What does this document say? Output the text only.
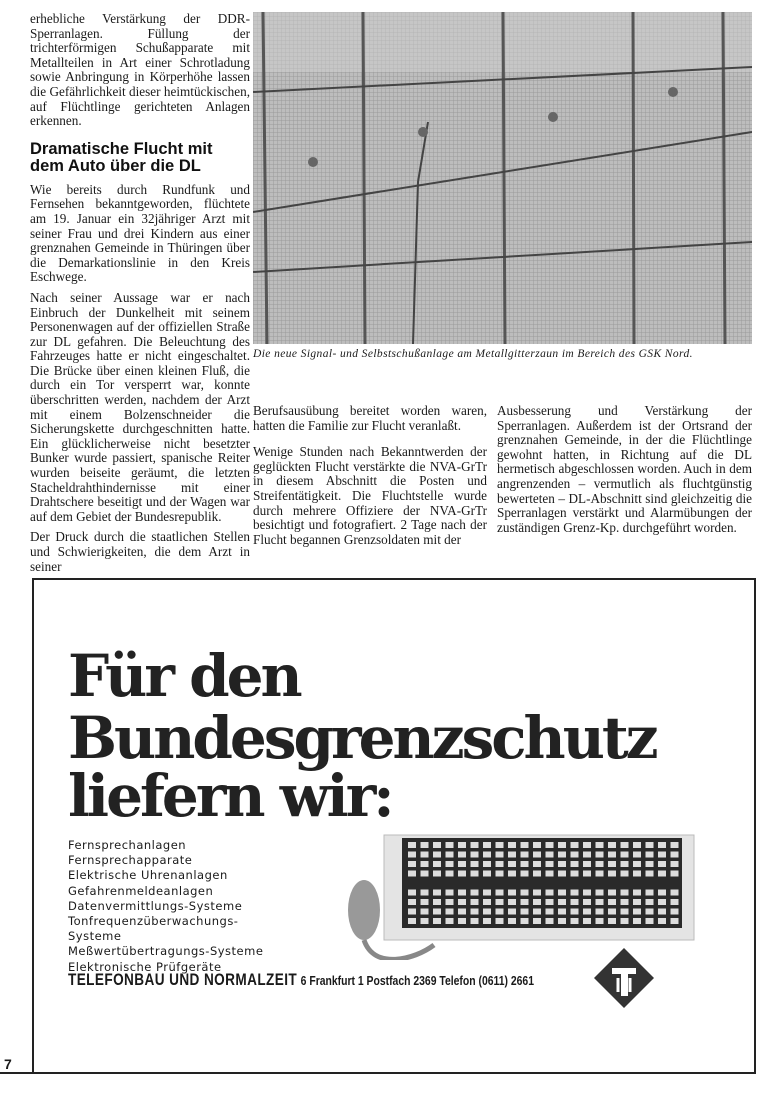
erhebliche Verstärkung der DDR-Sperranlagen. Füllung der trichterförmigen Schußapparate mit Metallteilen in Art einer Schrotladung sowie Anbringung in Körperhöhe lassen die Gefährlichkeit dieser heimtückischen, auf Flüchtlinge gerichteten Anlagen erkennen.

Dramatische Flucht mit dem Auto über die DL

Wie bereits durch Rundfunk und Fernsehen bekanntgeworden, flüchtete am 19. Januar ein 32jähriger Arzt mit seiner Frau und drei Kindern aus einer grenznahen Gemeinde in Thüringen über die Demarkationslinie in den Kreis Eschwege.

Nach seiner Aussage war er nach Einbruch der Dunkelheit mit seinem Personenwagen auf der offiziellen Straße zur DL gefahren. Die Beleuchtung des Fahrzeuges hatte er nicht eingeschaltet. Die Brücke über einen kleinen Fluß, die durch ein Tor versperrt war, konnte überschritten werden, nachdem der Arzt mit einem Bolzenschneider die Sicherungskette durchgeschnitten hatte. Ein glücklicherweise nicht besetzter Bunker wurde passiert, spanische Reiter wurden beiseite geräumt, die letzten Stacheldrahthindernisse mit einer Drahtschere beseitigt und der Wagen war auf dem Gebiet der Bundesrepublik.

Der Druck durch die staatlichen Stellen und Schwierigkeiten, die dem Arzt in seiner

Die neue Signal- und Selbstschußanlage am Metallgitterzaun im Bereich des GSK Nord.

Berufsausübung bereitet worden waren, hatten die Familie zur Flucht veranlaßt.

Wenige Stunden nach Bekanntwerden der geglückten Flucht verstärkte die NVA-GrTr in diesem Abschnitt die Posten und Streifentätigkeit. Die Fluchtstelle wurde durch mehrere Offiziere der NVA-GrTr besichtigt und fotografiert. 2 Tage nach der Flucht begannen Grenzsoldaten mit der

Ausbesserung und Verstärkung der Sperranlagen. Außerdem ist der Ortsrand der grenznahen Gemeinde, in der die Flüchtlinge gewohnt hatten, in Richtung auf die DL hermetisch abgeschlossen worden. Auch in dem angrenzenden – vermutlich als fluchtgünstig bewerteten – DL-Abschnitt sind gleichzeitig die Sperranlagen verstärkt und Alarmübungen der zuständigen Grenz-Kp. durchgeführt worden.

Für den
Bundesgrenzschutz
liefern wir:
Fernsprechanlagen
Fernsprechapparate
Elektrische Uhrenanlagen
Gefahrenmeldeanlagen
Datenvermittlungs-Systeme
Tonfrequenzüberwachungs-
Systeme
Meßwertübertragungs-Systeme
Elektronische Prüfgeräte
TELEFONBAU UND NORMALZEIT 6 Frankfurt 1 Postfach 2369 Telefon (0611) 2661
7
